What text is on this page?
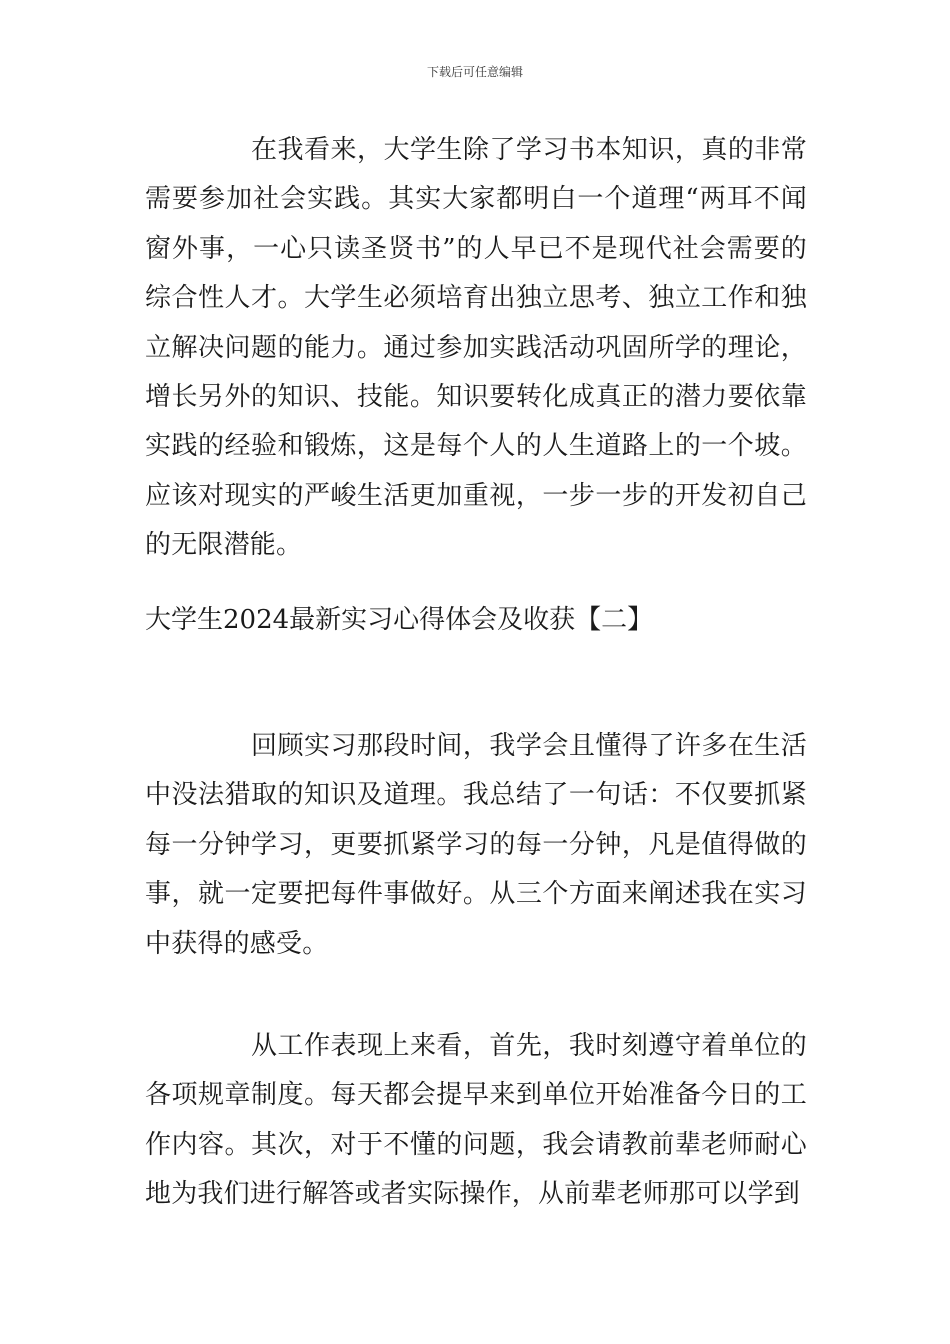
下载后可任意编辑

在我看来，大学生除了学习书本知识，真的非常需要参加社会实践。其实大家都明白一个道理“两耳不闻窗外事，一心只读圣贤书”的人早已不是现代社会需要的综合性人才。大学生必须培育出独立思考、独立工作和独立解决问题的能力。通过参加实践活动巩固所学的理论，增长另外的知识、技能。知识要转化成真正的潜力要依靠实践的经验和锻炼，这是每个人的人生道路上的一个坡。应该对现实的严峻生活更加重视，一步一步的开发初自己的无限潜能。

大学生2024最新实习心得体会及收获【二】

回顾实习那段时间，我学会且懂得了许多在生活中没法猎取的知识及道理。我总结了一句话：不仅要抓紧每一分钟学习，更要抓紧学习的每一分钟，凡是值得做的事，就一定要把每件事做好。从三个方面来阐述我在实习中获得的感受。

从工作表现上来看，首先，我时刻遵守着单位的各项规章制度。每天都会提早来到单位开始准备今日的工作内容。其次，对于不懂的问题，我会请教前辈老师耐心地为我们进行解答或者实际操作，从前辈老师那可以学到
